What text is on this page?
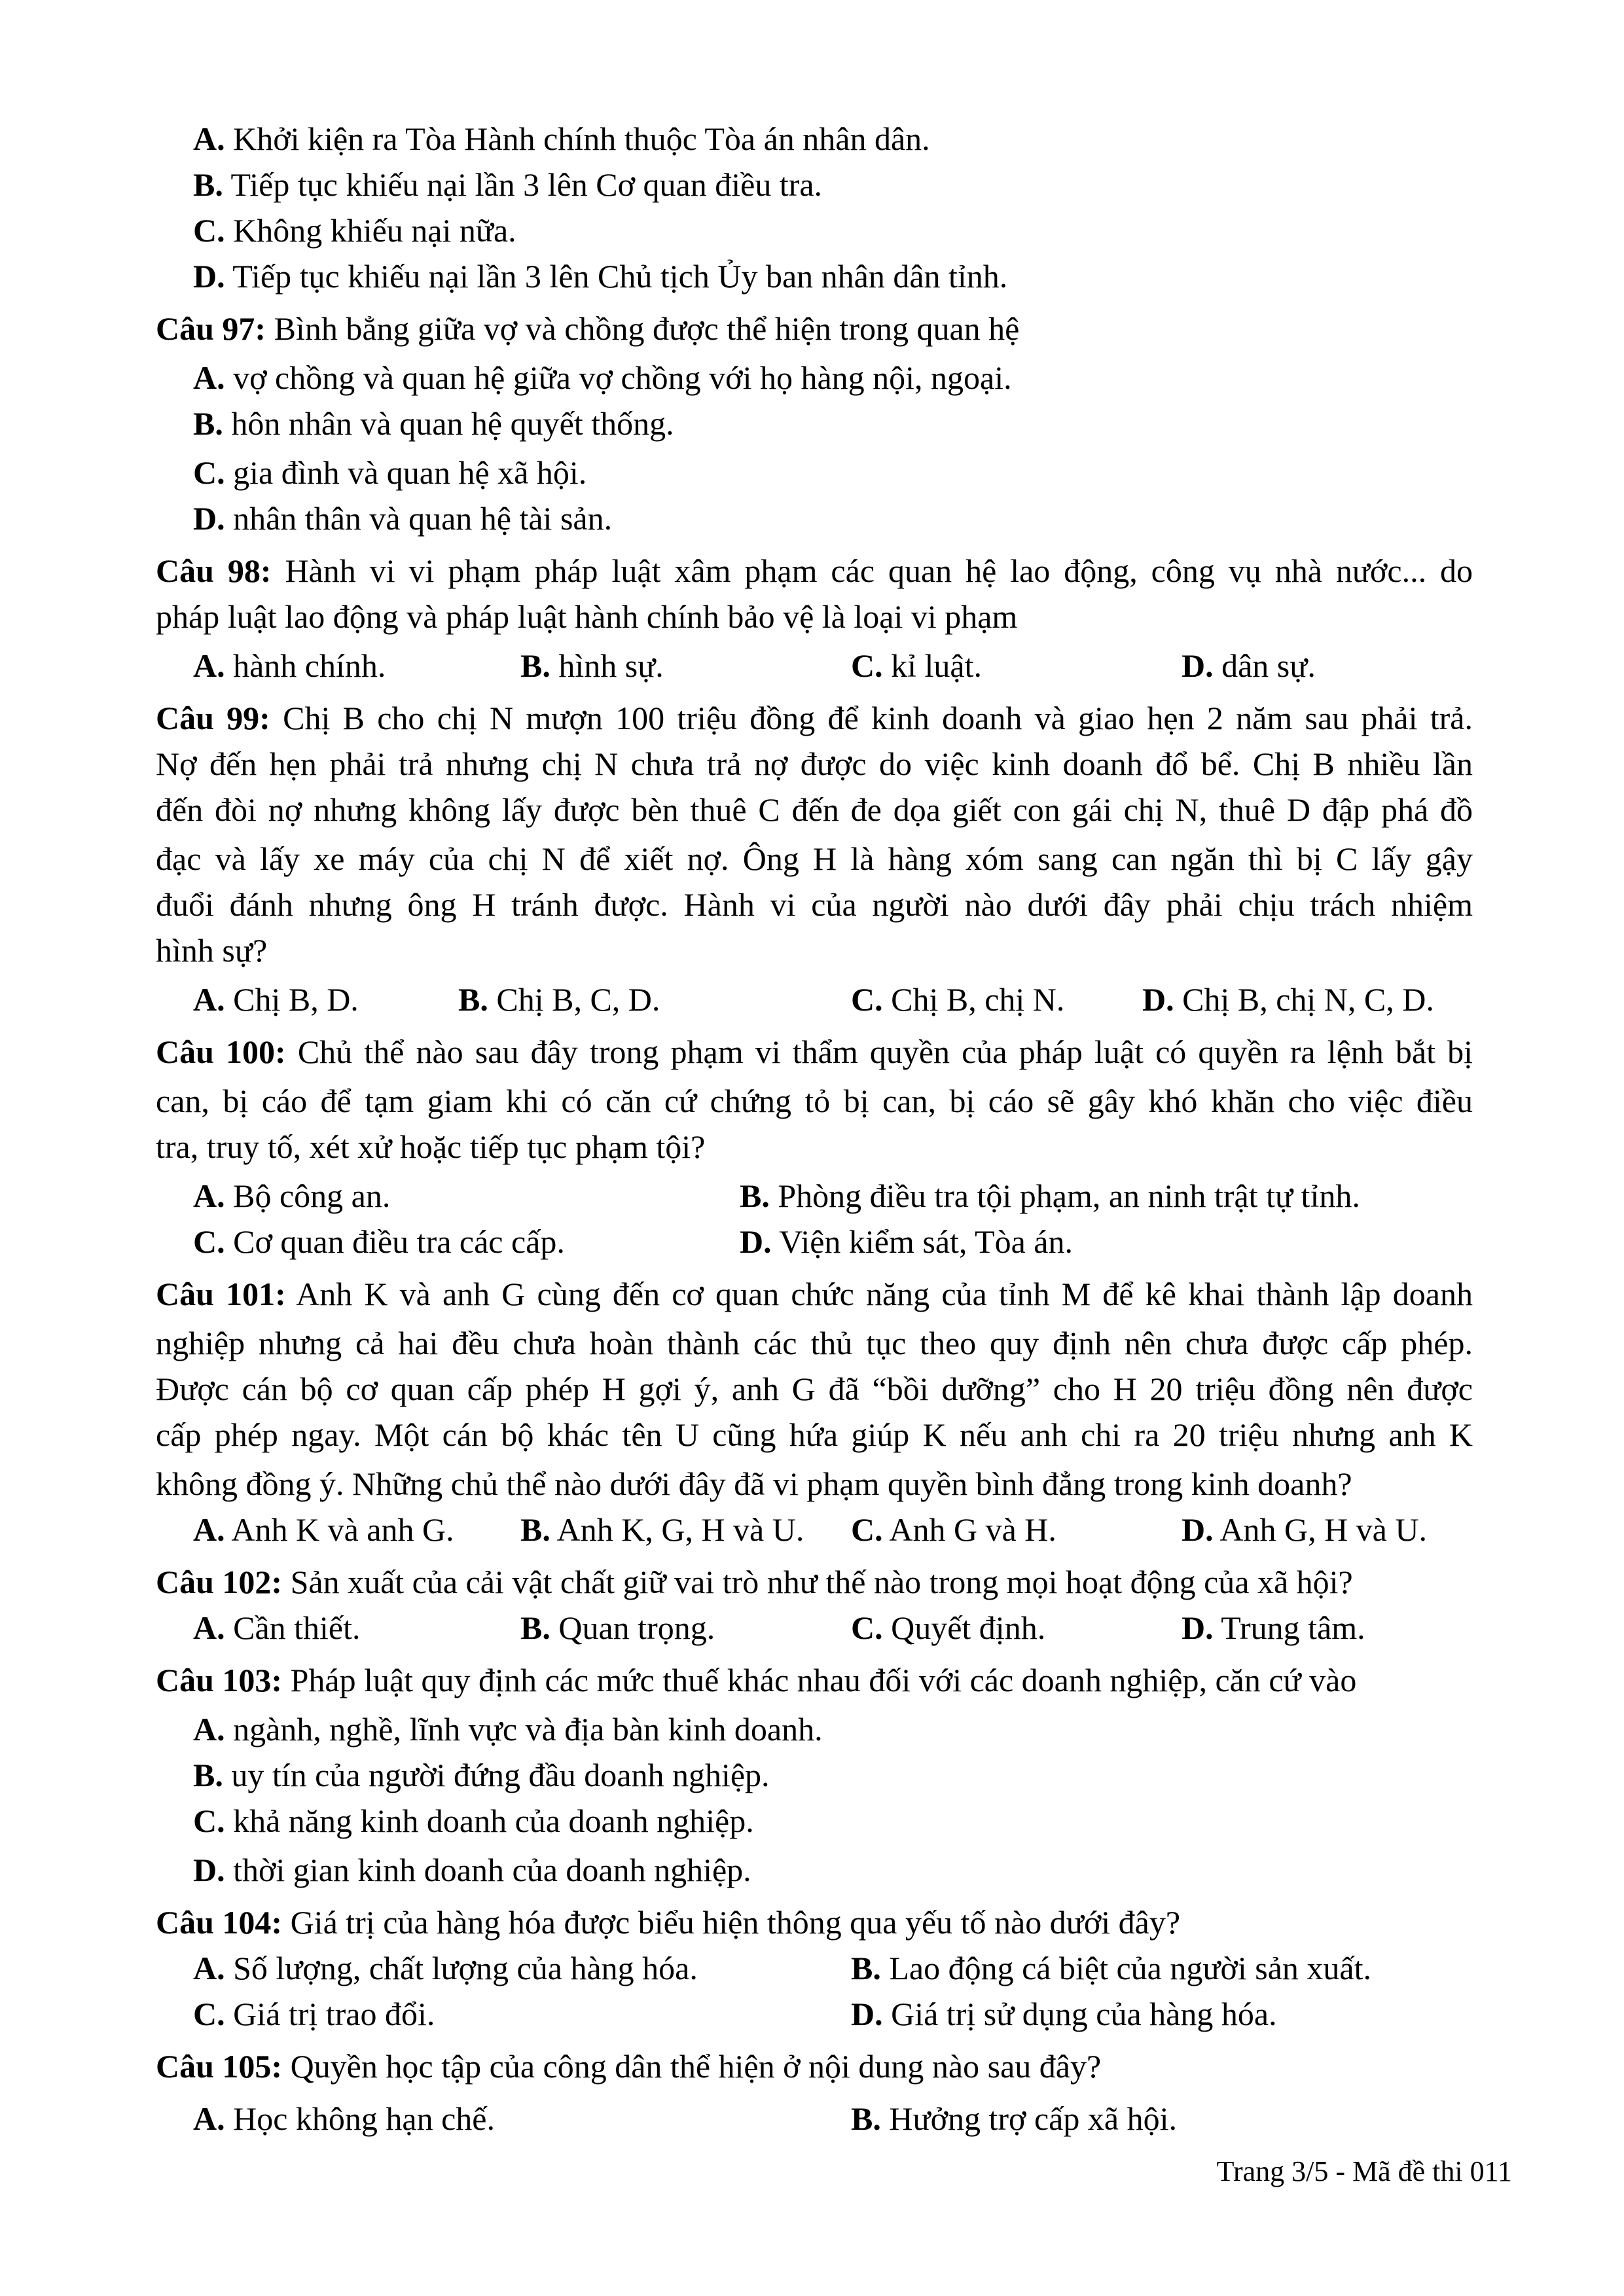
A. Khởi kiện ra Tòa Hành chính thuộc Tòa án nhân dân.
B. Tiếp tục khiếu nại lần 3 lên Cơ quan điều tra.
C. Không khiếu nại nữa.
D. Tiếp tục khiếu nại lần 3 lên Chủ tịch Ủy ban nhân dân tỉnh.
Câu 97: Bình bẳng giữa vợ và chồng được thể hiện trong quan hệ
A. vợ chồng và quan hệ giữa vợ chồng với họ hàng nội, ngoại.
B. hôn nhân và quan hệ quyết thống.
C. gia đình và quan hệ xã hội.
D. nhân thân và quan hệ tài sản.
Câu 98: Hành vi vi phạm pháp luật xâm phạm các quan hệ lao động, công vụ nhà nước... do
pháp luật lao động và pháp luật hành chính bảo vệ là loại vi phạm
A. hành chính.	B. hình sự.	C. kỉ luật.	D. dân sự.
Câu 99: Chị B cho chị N mượn 100 triệu đồng để kinh doanh và giao hẹn 2 năm sau phải trả.
Nợ đến hẹn phải trả nhưng chị N chưa trả nợ được do việc kinh doanh đổ bể. Chị B nhiều lần
đến đòi nợ nhưng không lấy được bèn thuê C đến đe dọa giết con gái chị N, thuê D đập phá đồ
đạc và lấy xe máy của chị N để xiết nợ. Ông H là hàng xóm sang can ngăn thì bị C lấy gậy
đuổi đánh nhưng ông H tránh được. Hành vi của người nào dưới đây phải chịu trách nhiệm
hình sự?
A. Chị B, D.	B. Chị B, C, D.	C. Chị B, chị N. D. Chị B, chị N, C, D.
Câu 100: Chủ thể nào sau đây trong phạm vi thẩm quyền của pháp luật có quyền ra lệnh bắt bị
can, bị cáo để tạm giam khi có căn cứ chứng tỏ bị can, bị cáo sẽ gây khó khăn cho việc điều
tra, truy tố, xét xử hoặc tiếp tục phạm tội?
A. Bộ công an.	B. Phòng điều tra tội phạm, an ninh trật tự tỉnh.
C. Cơ quan điều tra các cấp.	D. Viện kiểm sát, Tòa án.
Câu 101: Anh K và anh G cùng đến cơ quan chức năng của tỉnh M để kê khai thành lập doanh
nghiệp nhưng cả hai đều chưa hoàn thành các thủ tục theo quy định nên chưa được cấp phép.
Được cán bộ cơ quan cấp phép H gợi ý, anh G đã “bồi dưỡng” cho H 20 triệu đồng nên được
cấp phép ngay. Một cán bộ khác tên U cũng hứa giúp K nếu anh chi ra 20 triệu nhưng anh K
không đồng ý. Những chủ thể nào dưới đây đã vi phạm quyền bình đẳng trong kinh doanh?
A. Anh K và anh G. B. Anh K, G, H và U. C. Anh G và H.	D. Anh G, H và U.
Câu 102: Sản xuất của cải vật chất giữ vai trò như thế nào trong mọi hoạt động của xã hội?
A. Cần thiết.	B. Quan trọng.	C. Quyết định.	D. Trung tâm.
Câu 103: Pháp luật quy định các mức thuế khác nhau đối với các doanh nghiệp, căn cứ vào
A. ngành, nghề, lĩnh vực và địa bàn kinh doanh.
B. uy tín của người đứng đầu doanh nghiệp.
C. khả năng kinh doanh của doanh nghiệp.
D. thời gian kinh doanh của doanh nghiệp.
Câu 104: Giá trị của hàng hóa được biểu hiện thông qua yếu tố nào dưới đây?
A. Số lượng, chất lượng của hàng hóa.	B. Lao động cá biệt của người sản xuất.
C. Giá trị trao đổi.	D. Giá trị sử dụng của hàng hóa.
Câu 105: Quyền học tập của công dân thể hiện ở nội dung nào sau đây?
A. Học không hạn chế.	B. Hưởng trợ cấp xã hội.
Trang 3/5 - Mã đề thi 011
